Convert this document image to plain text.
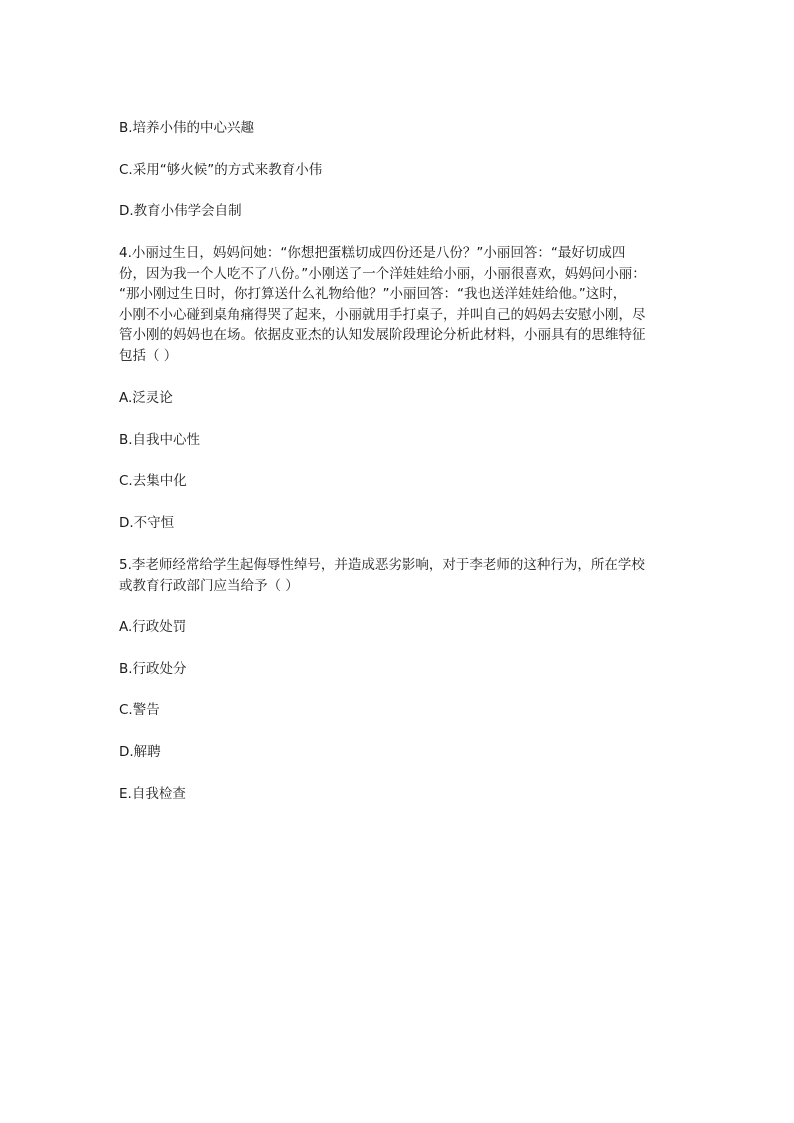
B.培养小伟的中心兴趣

C.采用“够火候”的方式来教育小伟

D.教育小伟学会自制

4.小丽过生日，妈妈问她：“你想把蛋糕切成四份还是八份？”小丽回答：“最好切成四
份，因为我一个人吃不了八份。”小刚送了一个洋娃娃给小丽，小丽很喜欢，妈妈问小丽：
“那小刚过生日时，你打算送什么礼物给他？”小丽回答：“我也送洋娃娃给他。”这时，
小刚不小心碰到桌角痛得哭了起来，小丽就用手打桌子，并叫自己的妈妈去安慰小刚，尽
管小刚的妈妈也在场。依据皮亚杰的认知发展阶段理论分析此材料，小丽具有的思维特征
包括（ ）

A.泛灵论

B.自我中心性

C.去集中化

D.不守恒

5.李老师经常给学生起侮辱性绰号，并造成恶劣影响，对于李老师的这种行为，所在学校
或教育行政部门应当给予（ ）

A.行政处罚

B.行政处分

C.警告

D.解聘

E.自我检查
